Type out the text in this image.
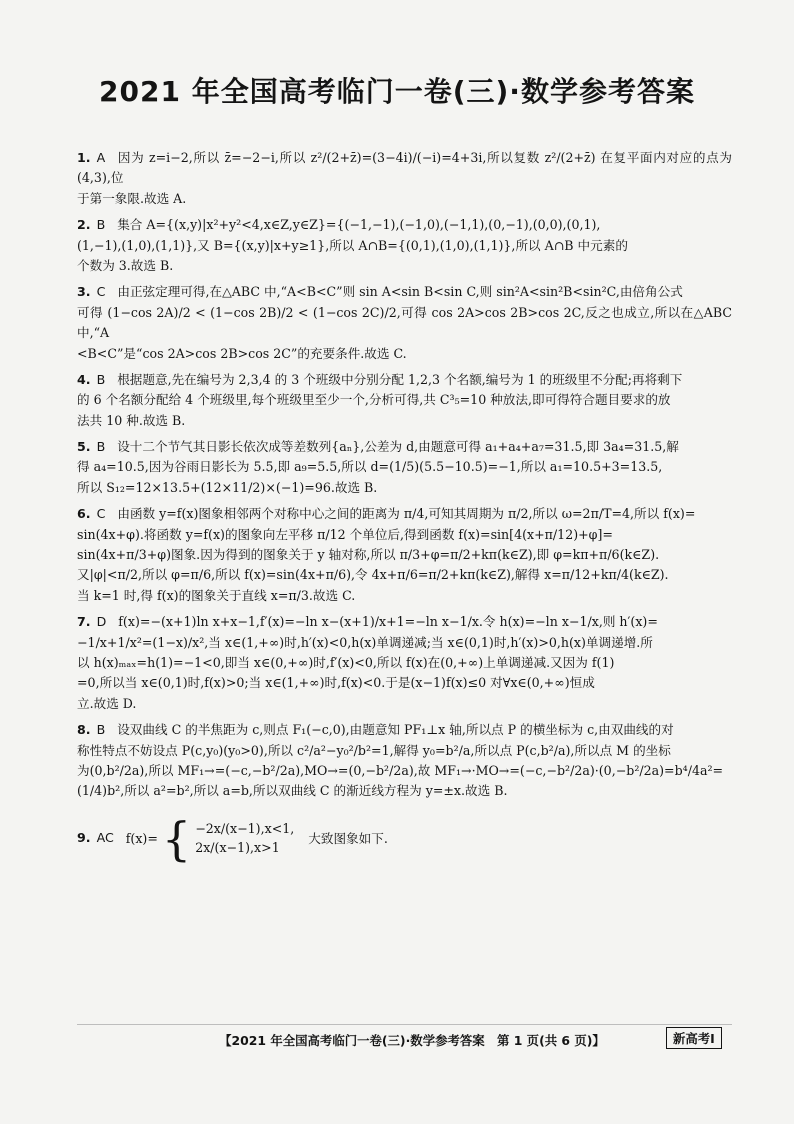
2021 年全国高考临门一卷(三)·数学参考答案
1. A 因为 z=i−2,所以 z̄=−2−i,所以 z²/(2+z̄)=(3−4i)/(−i)=4+3i,所以复数 z²/(2+z̄) 在复平面内对应的点为(4,3),位
于第一象限.故选 A.
2. B 集合 A={(x,y)|x²+y²<4,x∈Z,y∈Z}={(−1,−1),(−1,0),(−1,1),(0,−1),(0,0),(0,1),
(1,−1),(1,0),(1,1)},又 B={(x,y)|x+y≥1},所以 A∩B={(0,1),(1,0),(1,1)},所以 A∩B 中元素的
个数为 3.故选 B.
3. C 由正弦定理可得,在△ABC 中,“A<B<C”则 sin A<sin B<sin C,则 sin²A<sin²B<sin²C,由倍角公式
可得 (1−cos 2A)/2 < (1−cos 2B)/2 < (1−cos 2C)/2,可得 cos 2A>cos 2B>cos 2C,反之也成立,所以在△ABC 中,“A
<B<C”是“cos 2A>cos 2B>cos 2C”的充要条件.故选 C.
4. B 根据题意,先在编号为 2,3,4 的 3 个班级中分别分配 1,2,3 个名额,编号为 1 的班级里不分配;再将剩下
的 6 个名额分配给 4 个班级里,每个班级里至少一个,分析可得,共 C³₅=10 种放法,即可得符合题目要求的放
法共 10 种.故选 B.
5. B 设十二个节气其日影长依次成等差数列{aₙ},公差为 d,由题意可得 a₁+a₄+a₇=31.5,即 3a₄=31.5,解
得 a₄=10.5,因为谷雨日影长为 5.5,即 a₉=5.5,所以 d=(1/5)(5.5−10.5)=−1,所以 a₁=10.5+3=13.5,
所以 S₁₂=12×13.5+(12×11/2)×(−1)=96.故选 B.
6. C 由函数 y=f(x)图象相邻两个对称中心之间的距离为 π/4,可知其周期为 π/2,所以 ω=2π/T=4,所以 f(x)=
sin(4x+φ).将函数 y=f(x)的图象向左平移 π/12 个单位后,得到函数 f(x)=sin[4(x+π/12)+φ]=
sin(4x+π/3+φ)图象.因为得到的图象关于 y 轴对称,所以 π/3+φ=π/2+kπ(k∈Z),即 φ=kπ+π/6(k∈Z).
又|φ|<π/2,所以 φ=π/6,所以 f(x)=sin(4x+π/6),令 4x+π/6=π/2+kπ(k∈Z),解得 x=π/12+kπ/4(k∈Z).
当 k=1 时,得 f(x)的图象关于直线 x=π/3.故选 C.
7. D f(x)=−(x+1)ln x+x−1,f′(x)=−ln x−(x+1)/x+1=−ln x−1/x.令 h(x)=−ln x−1/x,则 h′(x)=
−1/x+1/x²=(1−x)/x²,当 x∈(1,+∞)时,h′(x)<0,h(x)单调递减;当 x∈(0,1)时,h′(x)>0,h(x)单调递增.所
以 h(x)ₘₐₓ=h(1)=−1<0,即当 x∈(0,+∞)时,f′(x)<0,所以 f(x)在(0,+∞)上单调递减.又因为 f(1)
=0,所以当 x∈(0,1)时,f(x)>0;当 x∈(1,+∞)时,f(x)<0.于是(x−1)f(x)≤0 对∀x∈(0,+∞)恒成
立.故选 D.
8. B 设双曲线 C 的半焦距为 c,则点 F₁(−c,0),由题意知 PF₁⊥x 轴,所以点 P 的横坐标为 c,由双曲线的对
称性特点不妨设点 P(c,y₀)(y₀>0),所以 c²/a²−y₀²/b²=1,解得 y₀=b²/a,所以点 P(c,b²/a),所以点 M 的坐标
为(0,b²/2a),所以 MF₁→=(−c,−b²/2a),MO→=(0,−b²/2a),故 MF₁→·MO→=(−c,−b²/2a)·(0,−b²/2a)=b⁴/4a²=
(1/4)b²,所以 a²=b²,所以 a=b,所以双曲线 C 的渐近线方程为 y=±x.故选 B.
9. AC f(x)= { −2x/(x−1),x<1,
2x/(x−1),x>1
大致图象如下.
【2021 年全国高考临门一卷(三)·数学参考答案　第 1 页(共 6 页)】	新高考Ⅰ
